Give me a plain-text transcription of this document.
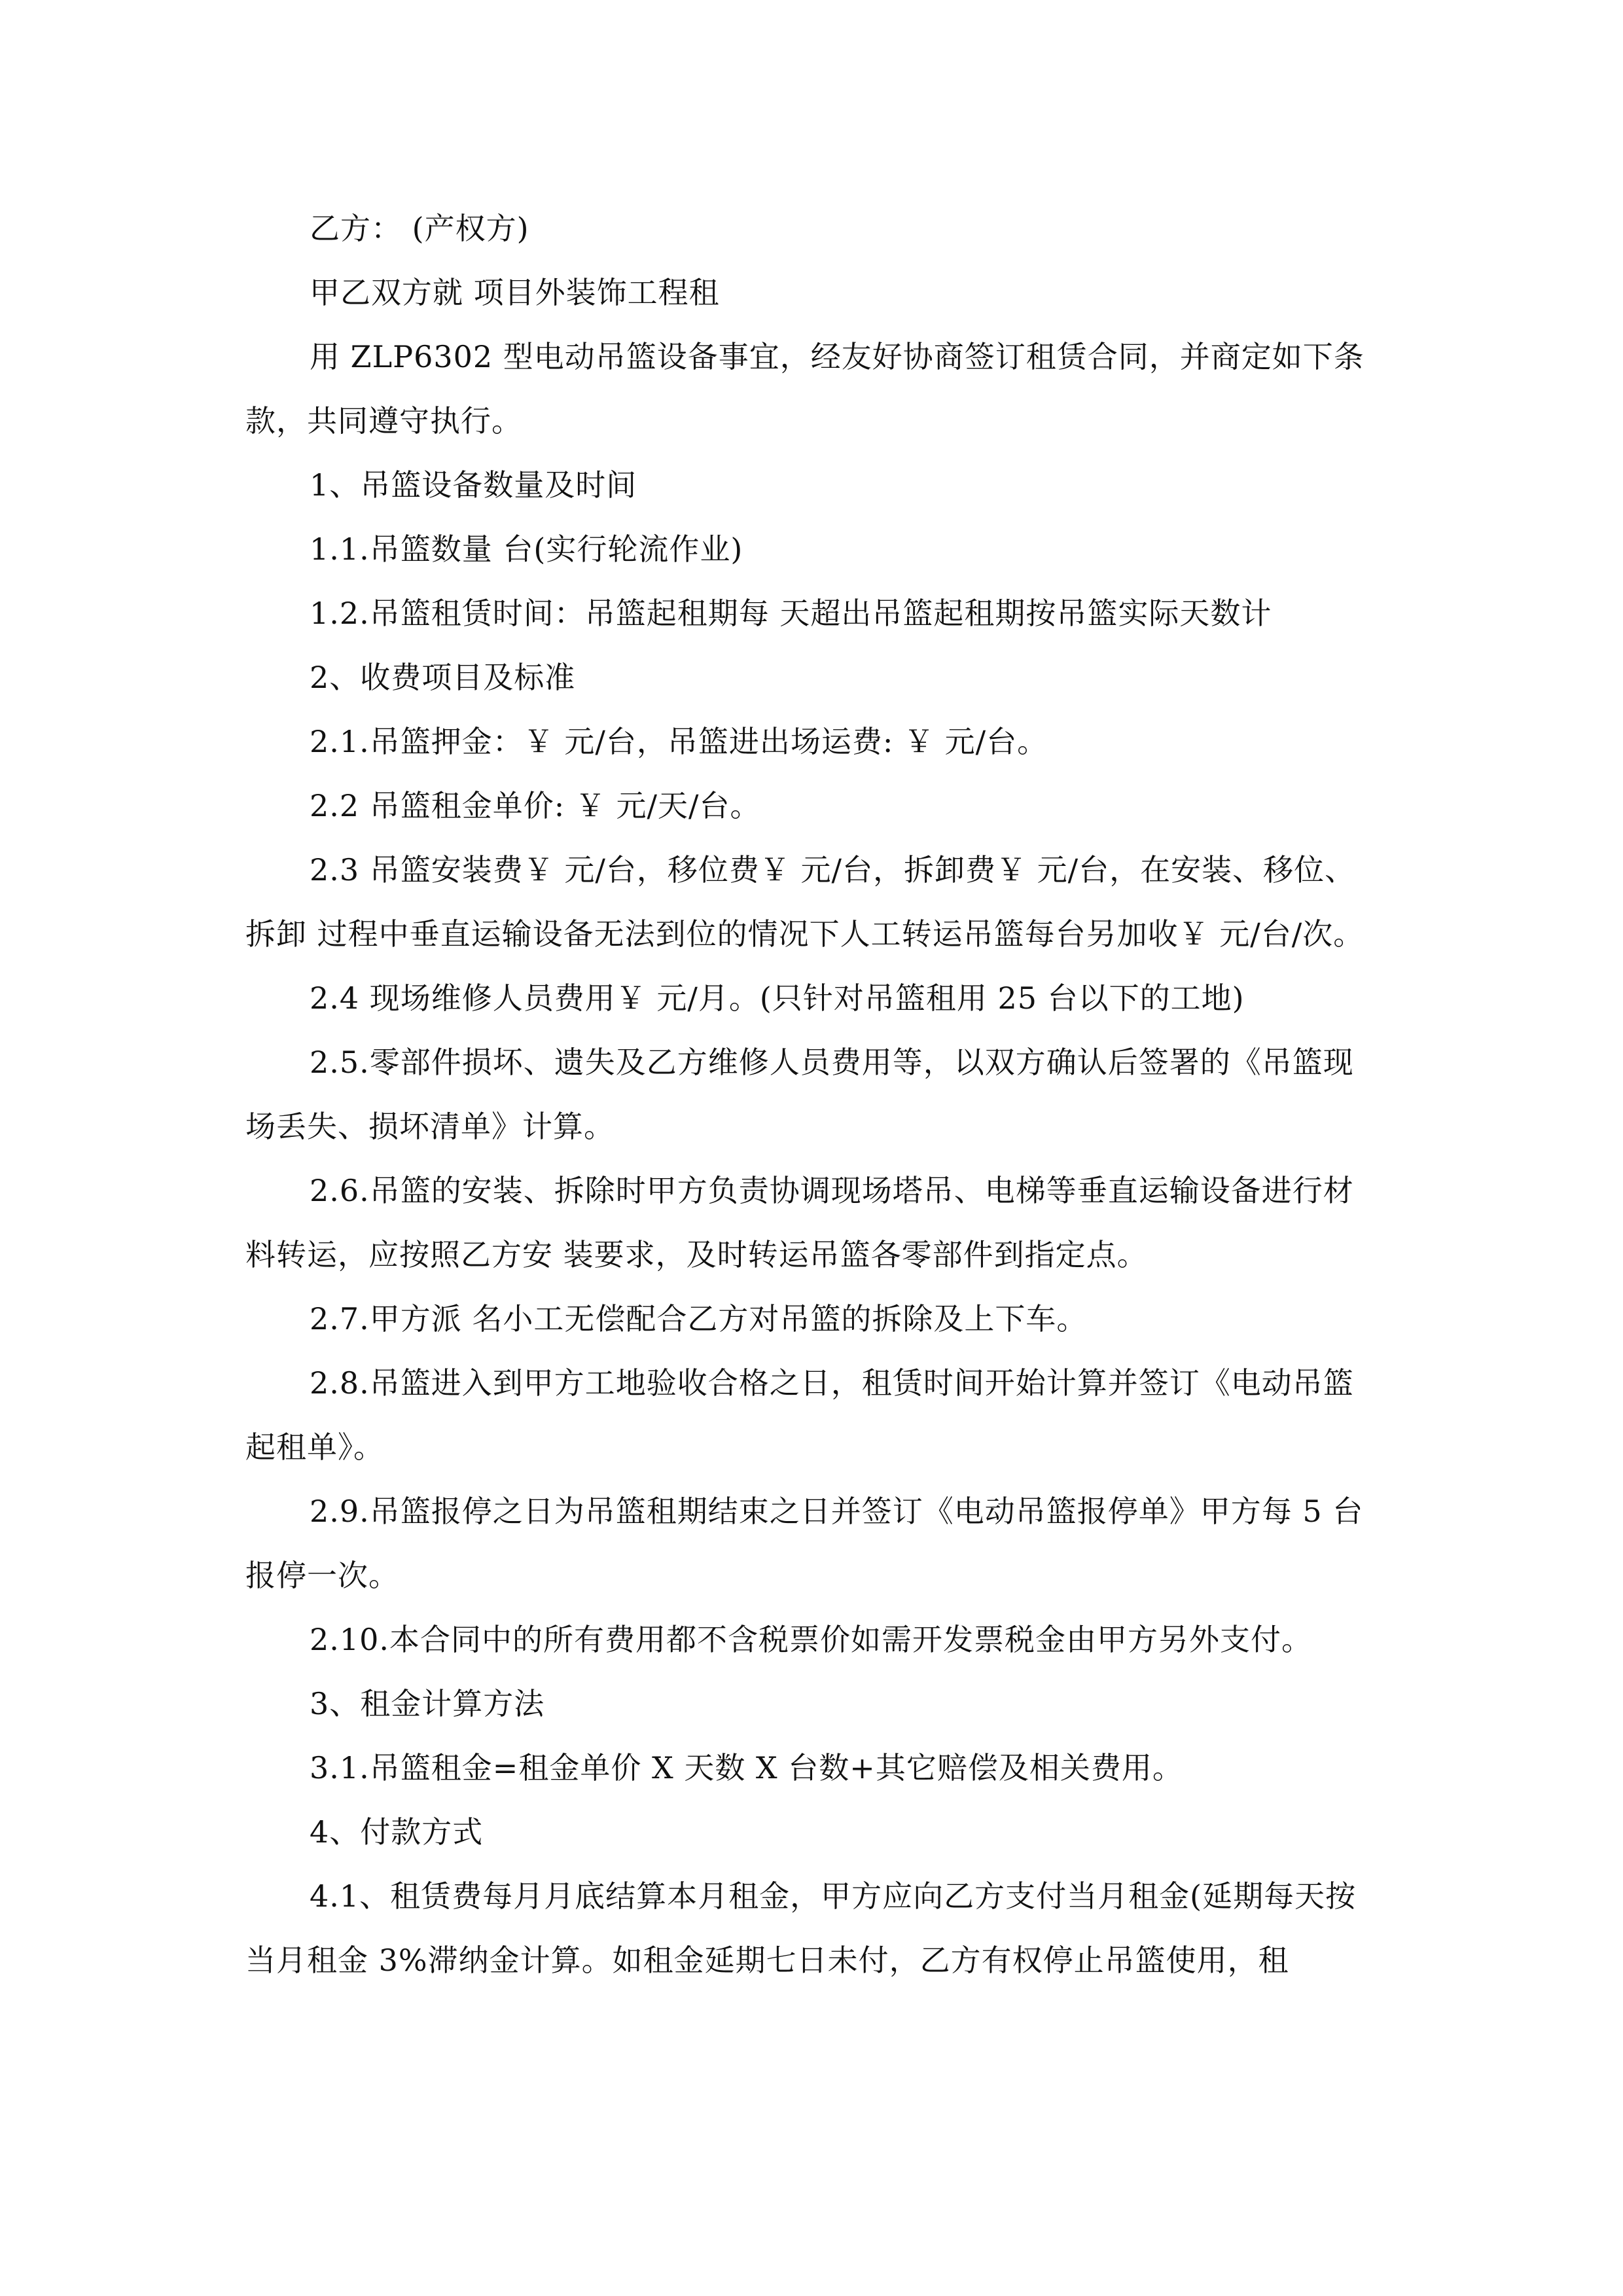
乙方： (产权方)

甲乙双方就 项目外装饰工程租

用 ZLP6302 型电动吊篮设备事宜，经友好协商签订租赁合同，并商定如下条款，共同遵守执行。

1、吊篮设备数量及时间

1.1.吊篮数量 台(实行轮流作业)

1.2.吊篮租赁时间：吊篮起租期每 天超出吊篮起租期按吊篮实际天数计

2、收费项目及标准

2.1.吊篮押金：￥ 元/台，吊篮进出场运费: ￥ 元/台。

2.2 吊篮租金单价: ￥ 元/天/台。

2.3 吊篮安装费￥ 元/台，移位费￥ 元/台，拆卸费￥ 元/台，在安装、移位、拆卸 过程中垂直运输设备无法到位的情况下人工转运吊篮每台另加收￥ 元/台/次。

2.4 现场维修人员费用￥ 元/月。(只针对吊篮租用 25 台以下的工地)

2.5.零部件损坏、遗失及乙方维修人员费用等，以双方确认后签署的《吊篮现场丢失、损坏清单》计算。

2.6.吊篮的安装、拆除时甲方负责协调现场塔吊、电梯等垂直运输设备进行材料转运，应按照乙方安 装要求，及时转运吊篮各零部件到指定点。

2.7.甲方派 名小工无偿配合乙方对吊篮的拆除及上下车。

2.8.吊篮进入到甲方工地验收合格之日，租赁时间开始计算并签订《电动吊篮起租单》。

2.9.吊篮报停之日为吊篮租期结束之日并签订《电动吊篮报停单》甲方每 5 台报停一次。

2.10.本合同中的所有费用都不含税票价如需开发票税金由甲方另外支付。

3、租金计算方法

3.1.吊篮租金=租金单价 X 天数 X 台数+其它赔偿及相关费用。

4、付款方式

4.1、租赁费每月月底结算本月租金，甲方应向乙方支付当月租金(延期每天按当月租金 3%滞纳金计算。如租金延期七日未付，乙方有权停止吊篮使用，租
